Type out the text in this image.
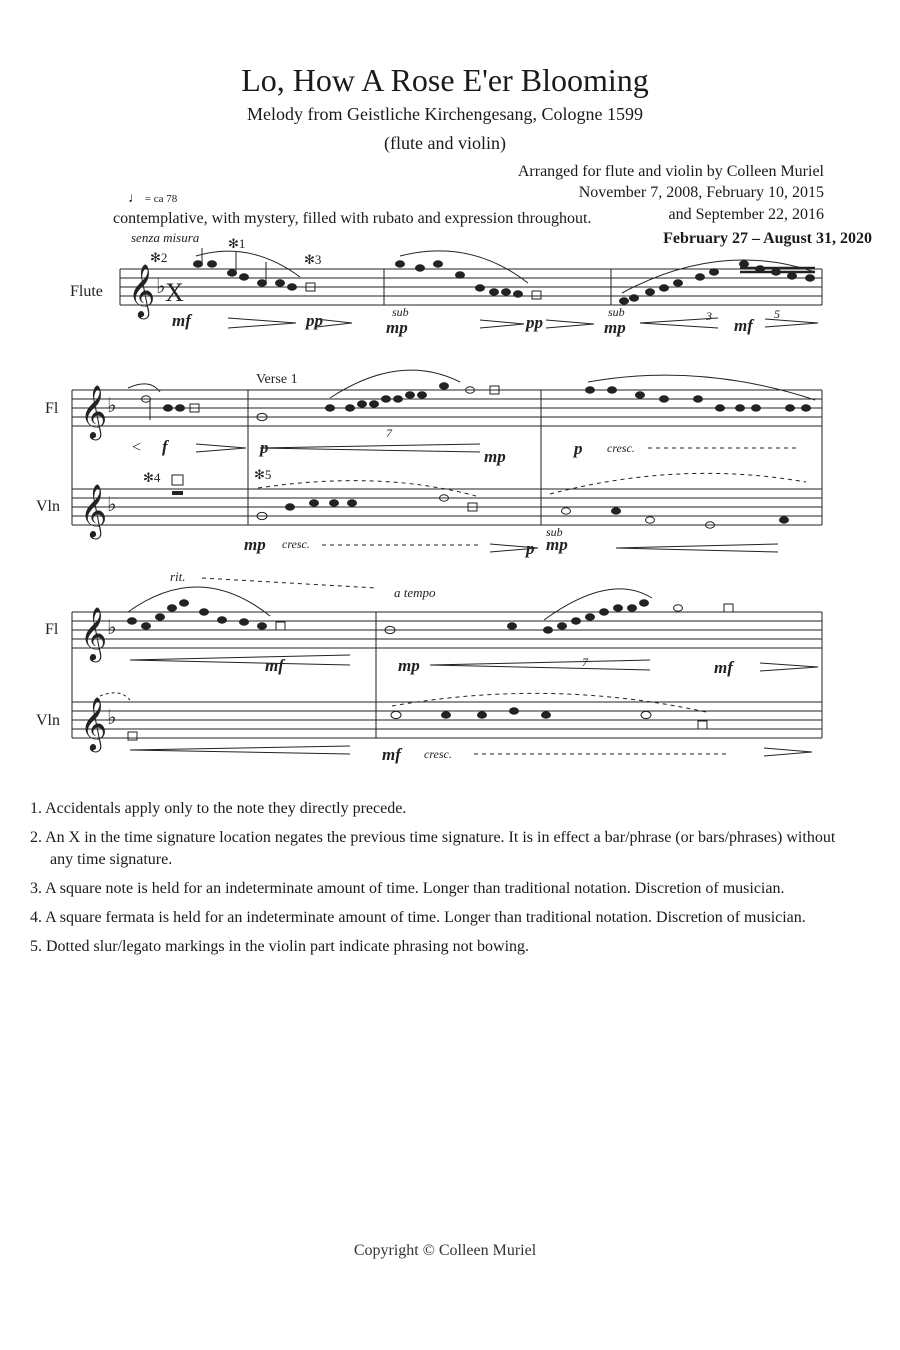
Lo, How A Rose E'er Blooming
Melody from Geistliche Kirchengesang, Cologne 1599
(flute and violin)
Arranged for flute and violin by Colleen Muriel
November 7, 2008, February 10, 2015
and September 22, 2016
February 27 – August 31, 2020
♩ = ca 78
contemplative, with mystery, filled with rubato and expression throughout.
𝄞 ♭ X
Flute
senza misura ✻1
✻2	✻3
mf	pp	mp	pp	mp	mf
sub	sub	3	5
𝄞 ♭
𝄞 ♭
Fl
Vln
Verse 1
✻4	✻5
f	p	mp	p
mp	p mp
<	cresc.
cresc.
sub
7
𝄞 ♭
𝄞 ♭
Fl
Vln
rit.
a tempo
mf	mp	mf
mf cresc.
7
1. Accidentals apply only to the note they directly precede.
2. An X in the time signature location negates the previous time signature. It is in effect a bar/phrase (or bars/phrases) without any time signature.
3. A square note is held for an indeterminate amount of time. Longer than traditional notation. Discretion of musician.
4. A square fermata is held for an indeterminate amount of time. Longer than traditional notation. Discretion of musician.
5. Dotted slur/legato markings in the violin part indicate phrasing not bowing.
Copyright © Colleen Muriel
